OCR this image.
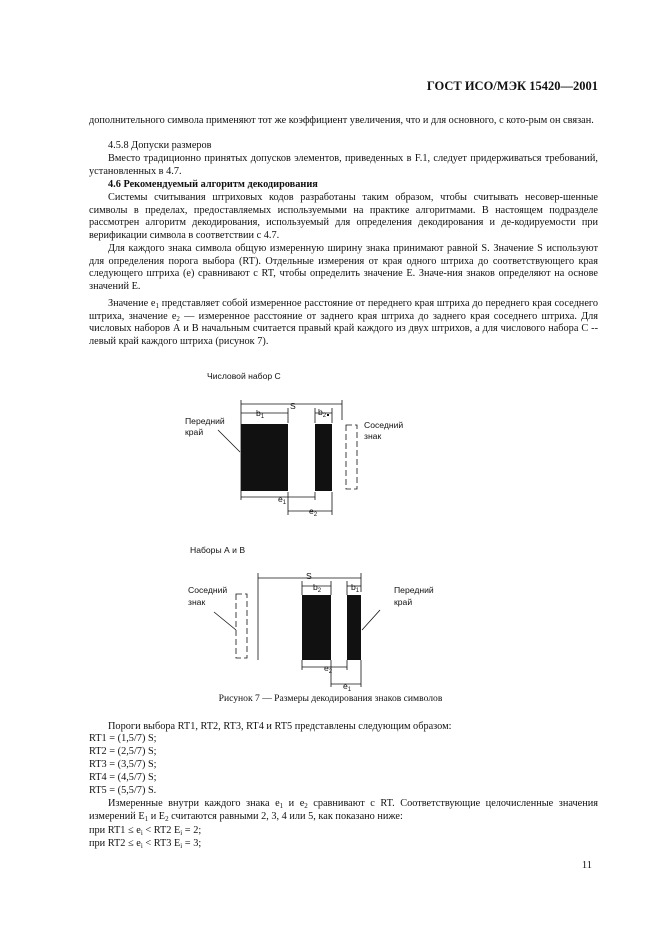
ГОСТ ИСО/МЭК 15420—2001
дополнительного символа применяют тот же коэффициент увеличения, что и для основного, с кото-рым он связан.
4.5.8 Допуски размеров
Вместо традиционно принятых допусков элементов, приведенных в F.1, следует придерживаться требований, установленных в 4.7.
4.6 Рекомендуемый алгоритм декодирования
Системы считывания штриховых кодов разработаны таким образом, чтобы считывать несовер-шенные символы в пределах, предоставляемых используемыми на практике алгоритмами. В настоящем подразделе рассмотрен алгоритм декодирования, используемый для определения декодирования и де-кодируемости при верификации символа в соответствии с 4.7.
Для каждого знака символа общую измеренную ширину знака принимают равной S. Значение S используют для определения порога выбора (RT). Отдельные измерения от края одного штриха до соответствующего края следующего штриха (e) сравнивают с RT, чтобы определить значение E. Значе-ния знаков определяют на основе значений E.
Значение $e_1$ представляет собой измеренное расстояние от переднего края штриха до переднего края соседнего штриха, значение $e_2$ — измеренное расстояние от заднего края штриха до заднего края соседнего штриха. Для числовых наборов А и В начальным считается правый край каждого из двух штрихов, а для числового набора С -- левый край каждого штриха (рисунок 7).
Числовой набор С
Передний
край
Соседний
знак
S
$b_1$	$b_2$
$e_1$
$e_2$
Наборы А и В
Соседний
знак
Передний
край
S
$b_2$	$b_1$
$e_2$
$e_1$
Рисунок 7 — Размеры декодирования знаков символов
Пороги выбора RT1, RT2, RT3, RT4 и RT5 представлены следующим образом:
RT1 = (1,5/7) S;
RT2 = (2,5/7) S;
RT3 = (3,5/7) S;
RT4 = (4,5/7) S;
RT5 = (5,5/7) S.
Измеренные внутри каждого знака $e_1$ и $e_2$ сравнивают с RT. Соответствующие целочисленные значения измерений $E_1$ и $E_2$ считаются равными 2, 3, 4 или 5, как показано ниже:
при $RT1 \le e_i < RT2$ $E_i = 2$;
при $RT2 \le e_i < RT3$ $E_i = 3$;
11
